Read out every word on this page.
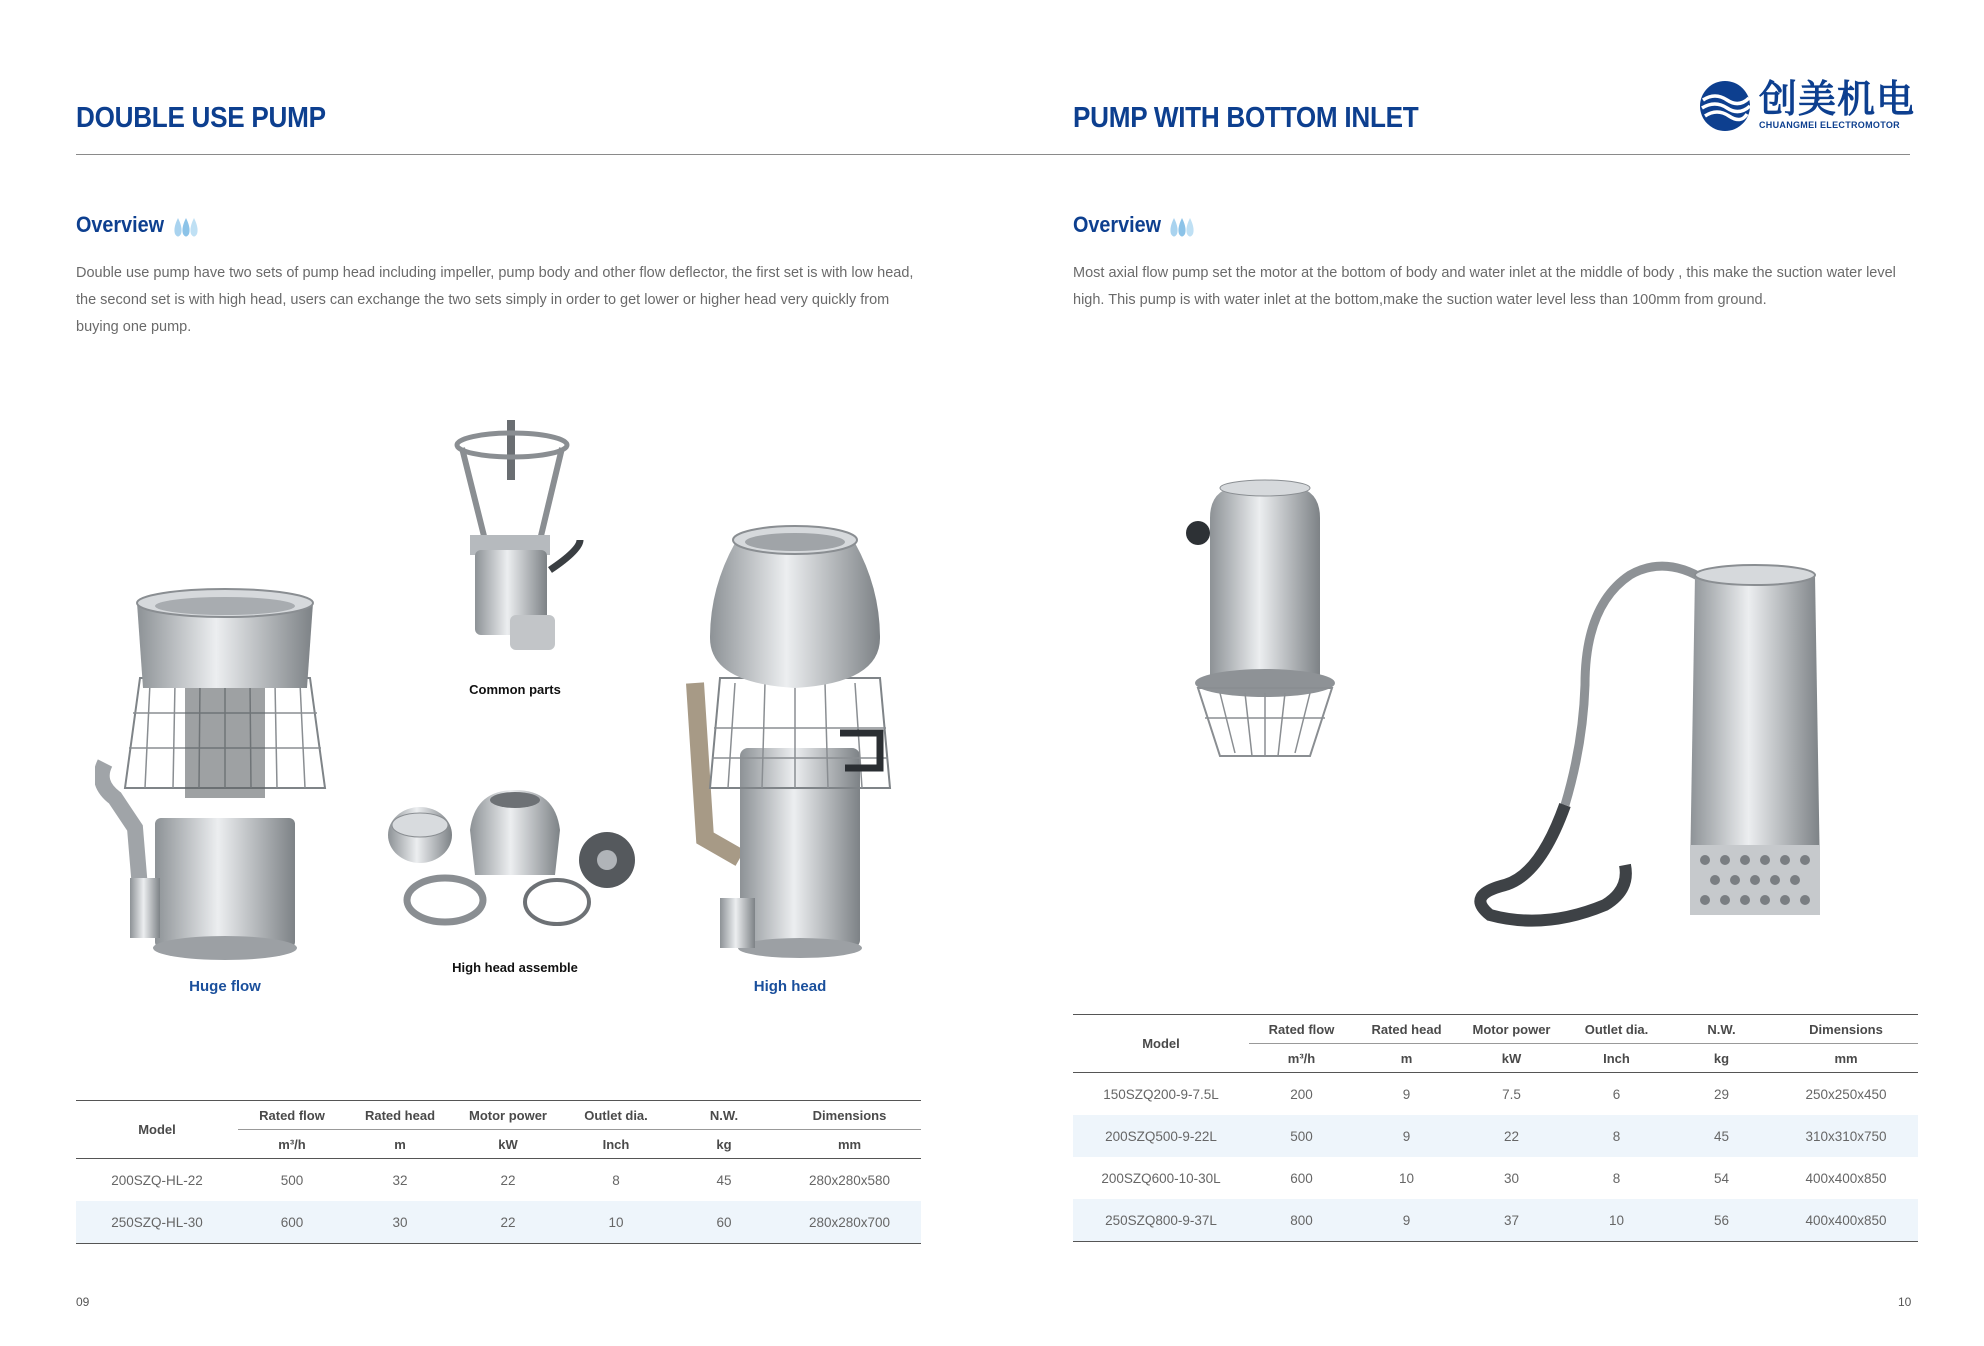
DOUBLE USE PUMP	PUMP WITH BOTTOM INLET	创美机电
CHUANGMEI ELECTROMOTOR
Overview	Overview
Double use pump have two sets of pump head including impeller, pump body and other flow deflector, the first set is with low head, the second set is with high head, users can exchange the two sets simply in order to get lower or higher head very quickly from buying one pump.
Most axial flow pump set the motor at the bottom of body and water inlet at the middle of body , this make the suction water level high. This pump is with water inlet at the bottom,make the suction water level less than 100mm from ground.
Common parts
High head assemble
Huge flow	High head
Model	Rated flow	Rated head	Motor power	Outlet dia.	N.W.	Dimensions
	m³/h	m	kW	Inch	kg	mm
200SZQ-HL-22	500	32	22	8	45	280x280x580
250SZQ-HL-30	600	30	22	10	60	280x280x700
Model	Rated flow	Rated head	Motor power	Outlet dia.	N.W.	Dimensions
	m³/h	m	kW	Inch	kg	mm
150SZQ200-9-7.5L	200	9	7.5	6	29	250x250x450
200SZQ500-9-22L	500	9	22	8	45	310x310x750
200SZQ600-10-30L	600	10	30	8	54	400x400x850
250SZQ800-9-37L	800	9	37	10	56	400x400x850
09	10
